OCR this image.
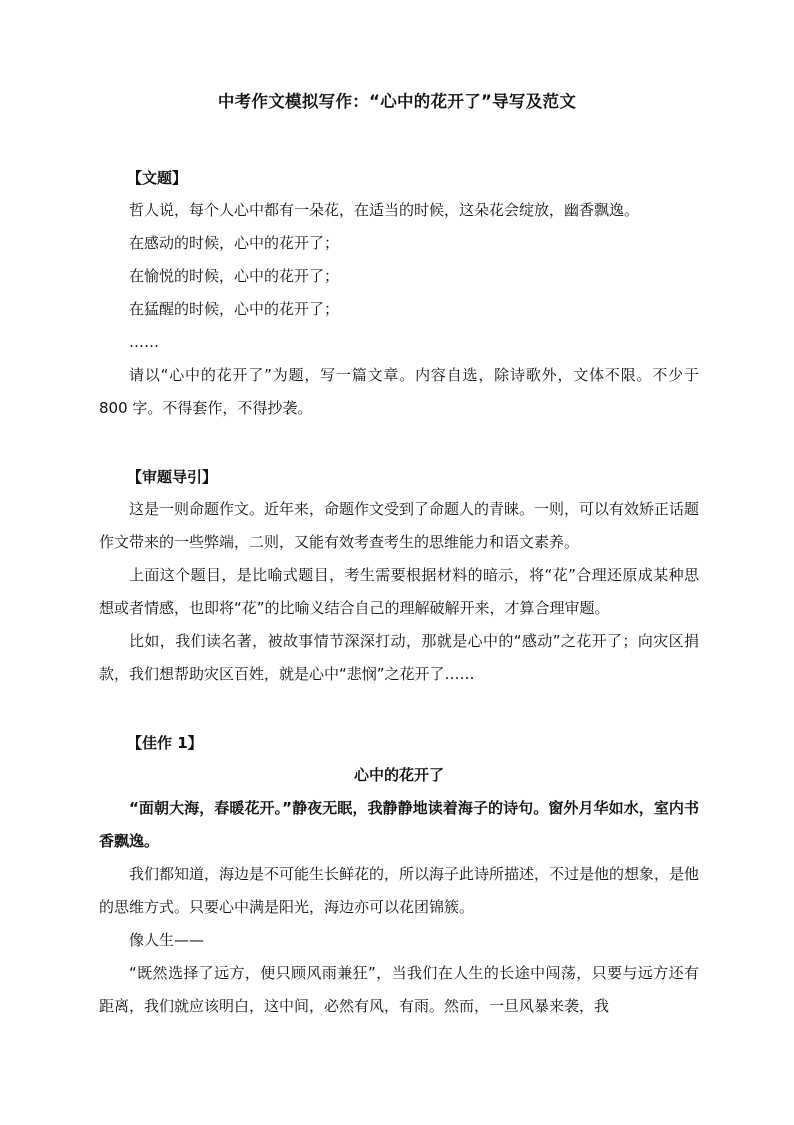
中考作文模拟写作：“心中的花开了”导写及范文
【文题】

哲人说，每个人心中都有一朵花，在适当的时候，这朵花会绽放，幽香飘逸。

在感动的时候，心中的花开了；

在愉悦的时候，心中的花开了；

在猛醒的时候，心中的花开了；

……

请以“心中的花开了”为题，写一篇文章。内容自选，除诗歌外，文体不限。不少于 800 字。不得套作，不得抄袭。

【审题导引】

这是一则命题作文。近年来，命题作文受到了命题人的青睐。一则，可以有效矫正话题作文带来的一些弊端，二则，又能有效考查考生的思维能力和语文素养。

上面这个题目，是比喻式题目，考生需要根据材料的暗示，将“花”合理还原成某种思想或者情感，也即将“花”的比喻义结合自己的理解破解开来，才算合理审题。

比如，我们读名著，被故事情节深深打动，那就是心中的“感动”之花开了；向灾区捐款，我们想帮助灾区百姓，就是心中“悲悯”之花开了……

【佳作 1】
心中的花开了

“面朝大海，春暖花开。”静夜无眠，我静静地读着海子的诗句。窗外月华如水，室内书香飘逸。

我们都知道，海边是不可能生长鲜花的，所以海子此诗所描述，不过是他的想象，是他的思维方式。只要心中满是阳光，海边亦可以花团锦簇。

像人生——

“既然选择了远方，便只顾风雨兼狂”，当我们在人生的长途中闯荡，只要与远方还有距离，我们就应该明白，这中间，必然有风，有雨。然而，一旦风暴来袭，我
